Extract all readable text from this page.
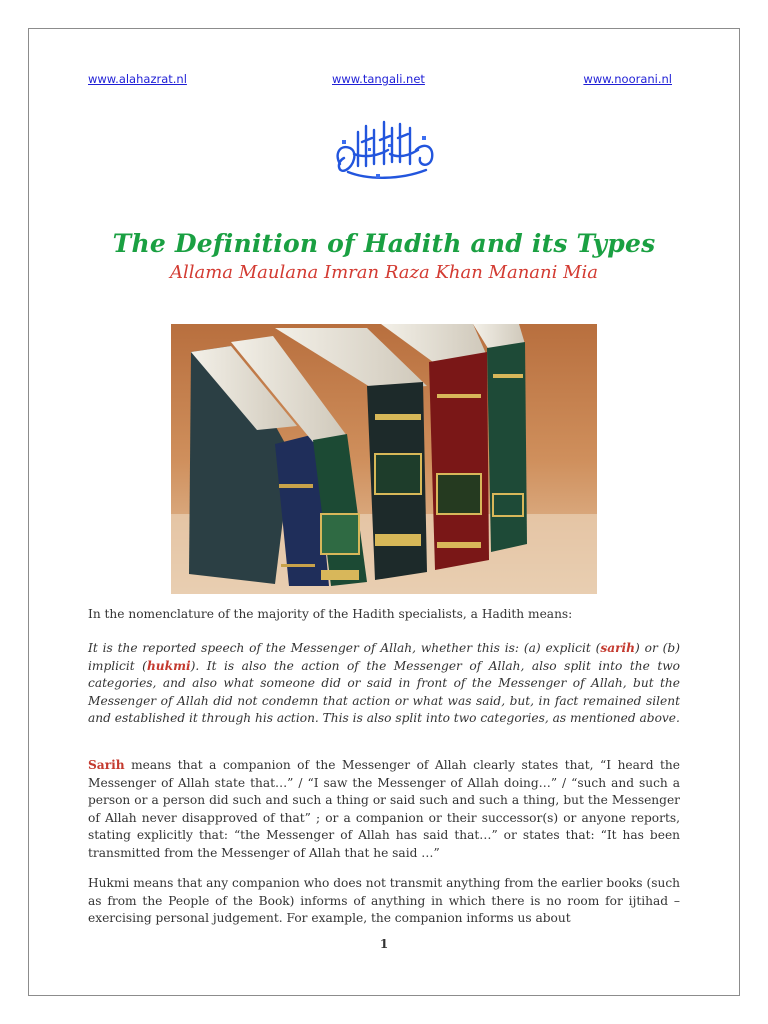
www.alahazrat.nl	www.tangali.net	www.noorani.nl
The Definition of Hadith and its Types
Allama Maulana Imran Raza Khan Manani Mia

In the nomenclature of the majority of the Hadith specialists, a Hadith means:

It is the reported speech of the Messenger of Allah, whether this is: (a) explicit (sarih) or (b) implicit (hukmi). It is also the action of the Messenger of Allah, also split into the two categories, and also what someone did or said in front of the Messenger of Allah, but the Messenger of Allah did not condemn that action or what was said, but, in fact remained silent and established it through his action. This is also split into two categories, as mentioned above.

Sarih means that a companion of the Messenger of Allah clearly states that, “I heard the Messenger of Allah state that…” / “I saw the Messenger of Allah doing…” / “such and such a person or a person did such and such a thing or said such and such a thing, but the Messenger of Allah never disapproved of that” ; or a companion or their successor(s) or anyone reports, stating explicitly that: “the Messenger of Allah has said that…” or states that: “It has been transmitted from the Messenger of Allah that he said …”

Hukmi means that any companion who does not transmit anything from the earlier books (such as from the People of the Book) informs of anything in which there is no room for ijtihad – exercising personal judgement. For example, the companion informs us about

1
